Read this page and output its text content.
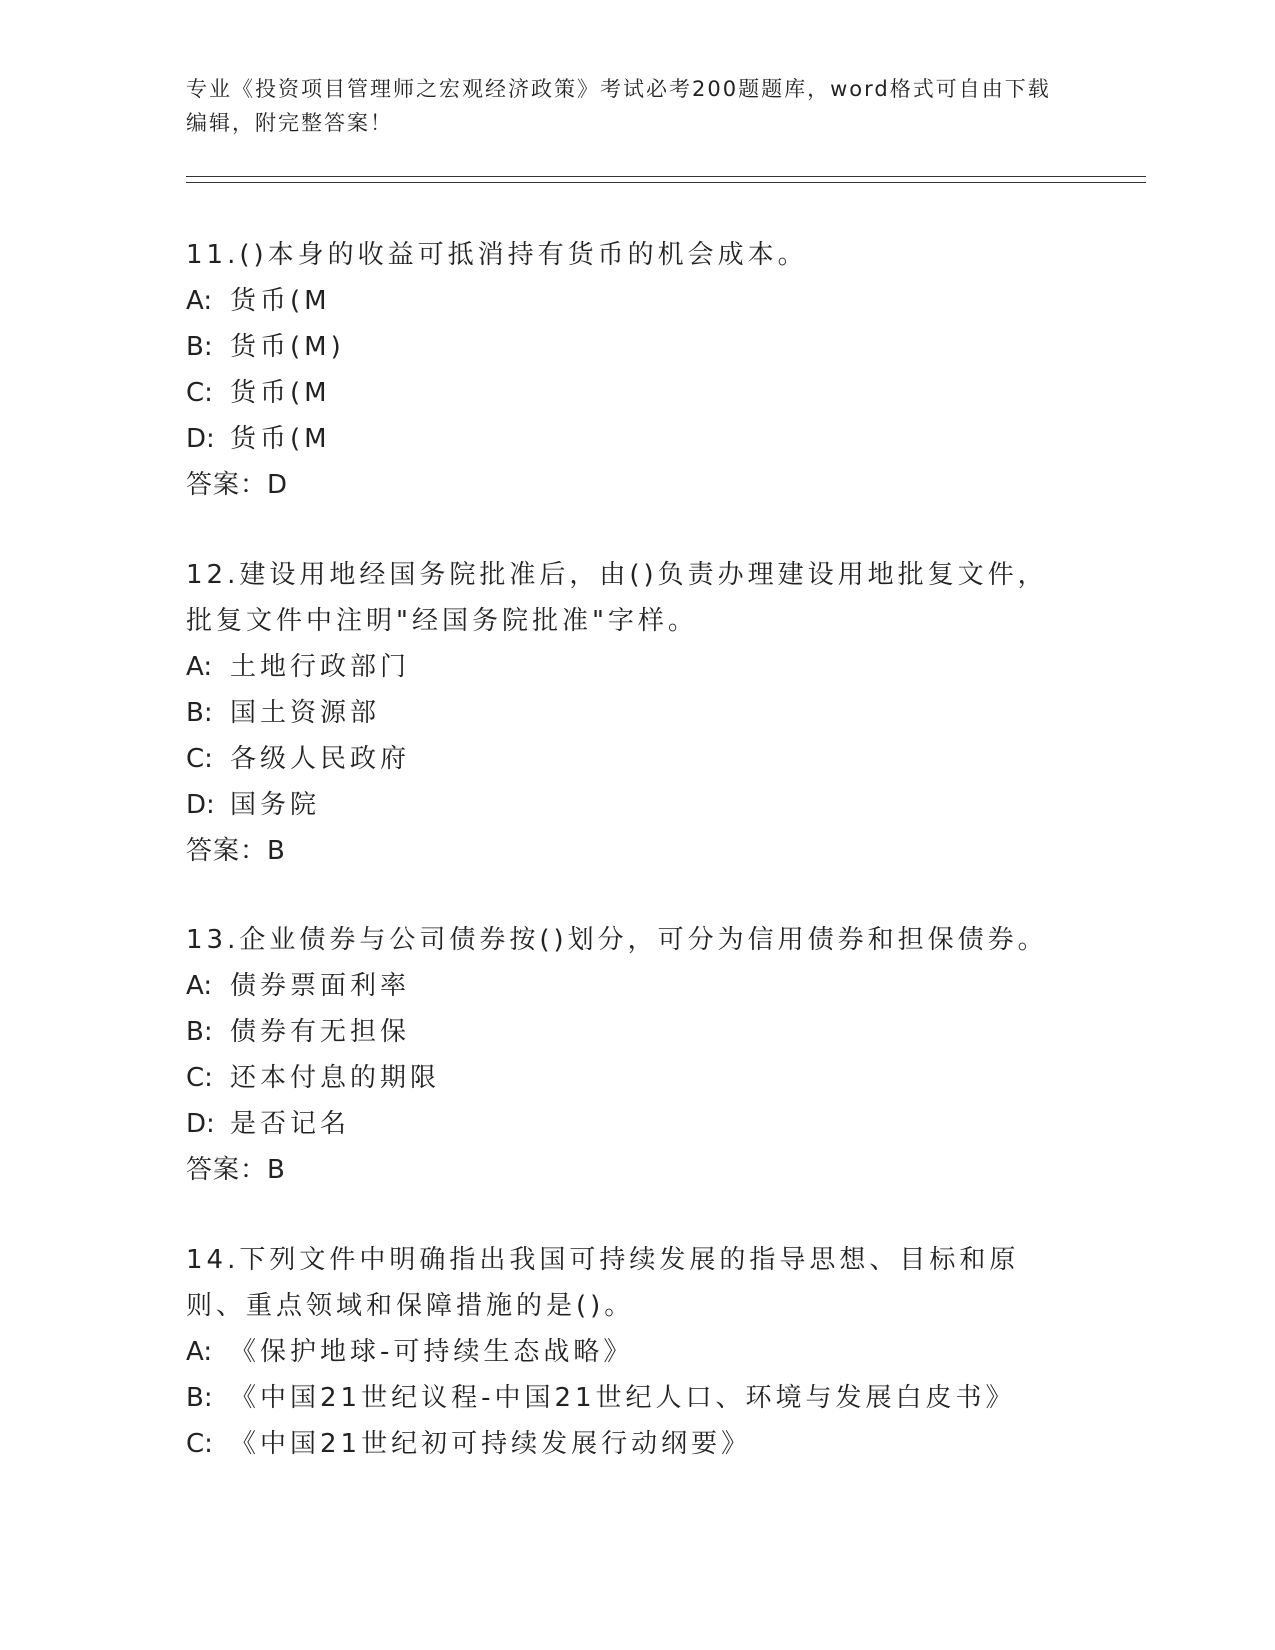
专业《投资项目管理师之宏观经济政策》考试必考200题题库，word格式可自由下载编辑，附完整答案！
11.()本身的收益可抵消持有货币的机会成本。
A: 货币(M
B: 货币(M)
C: 货币(M
D: 货币(M
答案：D
12.建设用地经国务院批准后，由()负责办理建设用地批复文件，批复文件中注明"经国务院批准"字样。
A: 土地行政部门
B: 国土资源部
C: 各级人民政府
D: 国务院
答案：B
13.企业债券与公司债券按()划分，可分为信用债券和担保债券。
A: 债券票面利率
B: 债券有无担保
C: 还本付息的期限
D: 是否记名
答案：B
14.下列文件中明确指出我国可持续发展的指导思想、目标和原则、重点领域和保障措施的是()。
A: 《保护地球-可持续生态战略》
B: 《中国21世纪议程-中国21世纪人口、环境与发展白皮书》
C: 《中国21世纪初可持续发展行动纲要》
